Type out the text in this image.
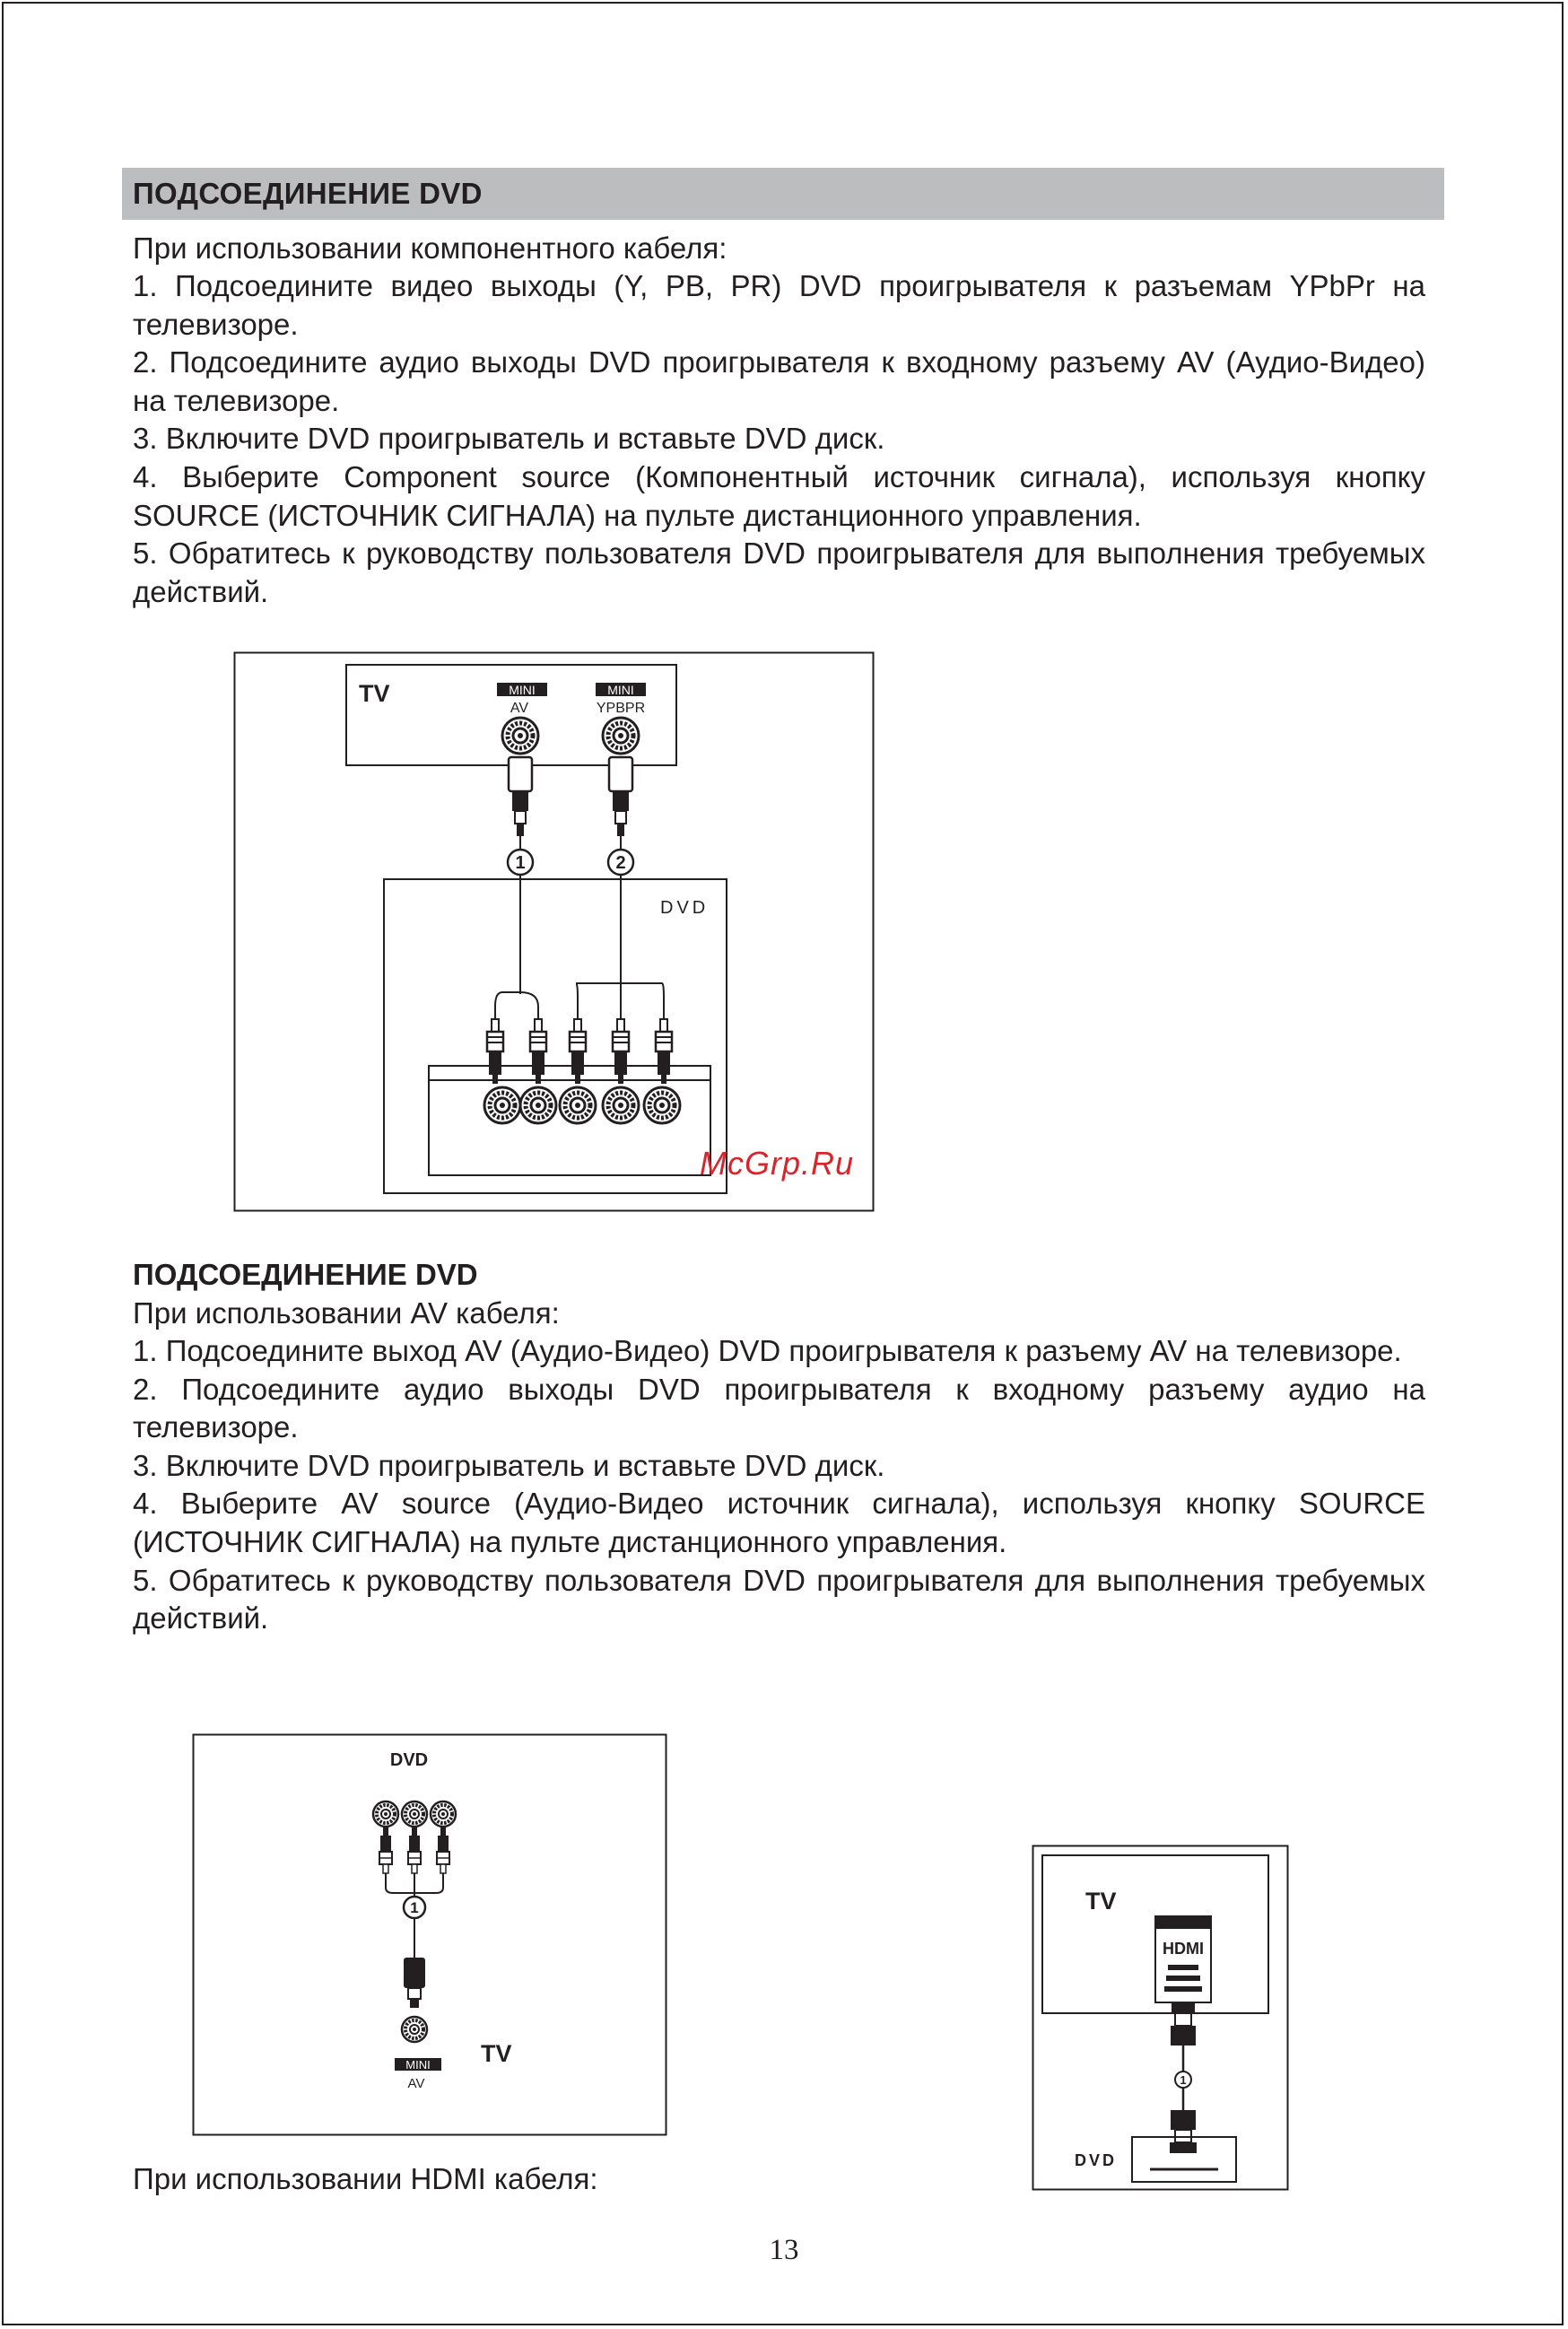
ПОДСОЕДИНЕНИЕ DVD
При использовании компонентного кабеля:

1. Подсоедините видео выходы (Y, PB, PR) DVD проигрывателя к разъемам YPbPr на телевизоре.

2. Подсоедините аудио выходы DVD проигрывателя к входному разъему AV (Аудио-Видео) на телевизоре.

3. Включите DVD проигрыватель и вставьте DVD диск.

4. Выберите Component source (Компонентный источник сигнала), используя кнопку SOURCE (ИСТОЧНИК СИГНАЛА) на пульте дистанционного управления.

5. Обратитесь к руководству пользователя DVD проигрывателя для выполнения требуемых действий.

TV	MINI
AV
MINI
YPBPR
1	2
DVD
McGrp.Ru
ПОДСОЕДИНЕНИЕ DVD
При использовании AV кабеля:

1. Подсоедините выход AV (Аудио-Видео) DVD проигрывателя к разъему AV на телевизоре.

2. Подсоедините аудио выходы DVD проигрывателя к входному разъему аудио на телевизоре.

3. Включите DVD проигрыватель и вставьте DVD диск.

4. Выберите AV source (Аудио-Видео источник сигнала), используя кнопку SOURCE (ИСТОЧНИК СИГНАЛА) на пульте дистанционного управления.

5. Обратитесь к руководству пользователя DVD проигрывателя для выполнения требуемых действий.

DVD
1
MINI
AV
TV
TV
HDMI
1
DVD
При использовании HDMI кабеля:
13
